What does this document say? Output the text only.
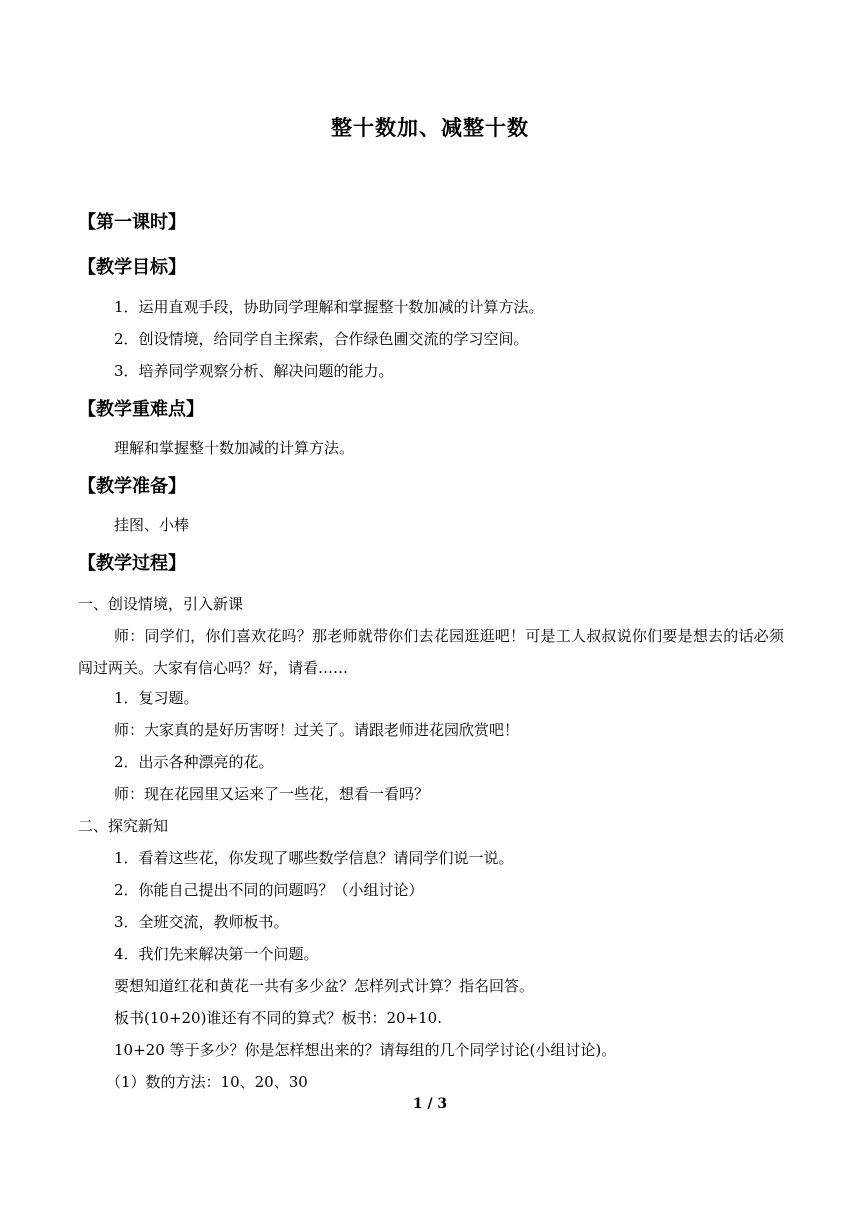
整十数加、减整十数
【第一课时】
【教学目标】
1．运用直观手段，协助同学理解和掌握整十数加减的计算方法。
2．创设情境，给同学自主探索，合作绿色圃交流的学习空间。
3．培养同学观察分析、解决问题的能力。
【教学重难点】
理解和掌握整十数加减的计算方法。
【教学准备】
挂图、小棒
【教学过程】
一、创设情境，引入新课
师：同学们，你们喜欢花吗？那老师就带你们去花园逛逛吧！可是工人叔叔说你们要是想去的话必须闯过两关。大家有信心吗？好，请看……
1．复习题。
师：大家真的是好历害呀！过关了。请跟老师进花园欣赏吧！
2．出示各种漂亮的花。
师：现在花园里又运来了一些花，想看一看吗？
二、探究新知
1．看着这些花，你发现了哪些数学信息？请同学们说一说。
2．你能自己提出不同的问题吗？（小组讨论）
3．全班交流，教师板书。
4．我们先来解决第一个问题。
要想知道红花和黄花一共有多少盆？怎样列式计算？指名回答。
板书(10+20)谁还有不同的算式？板书：20+10.
10+20 等于多少？你是怎样想出来的？请每组的几个同学讨论(小组讨论)。
（1）数的方法：10、20、30
1 / 3
